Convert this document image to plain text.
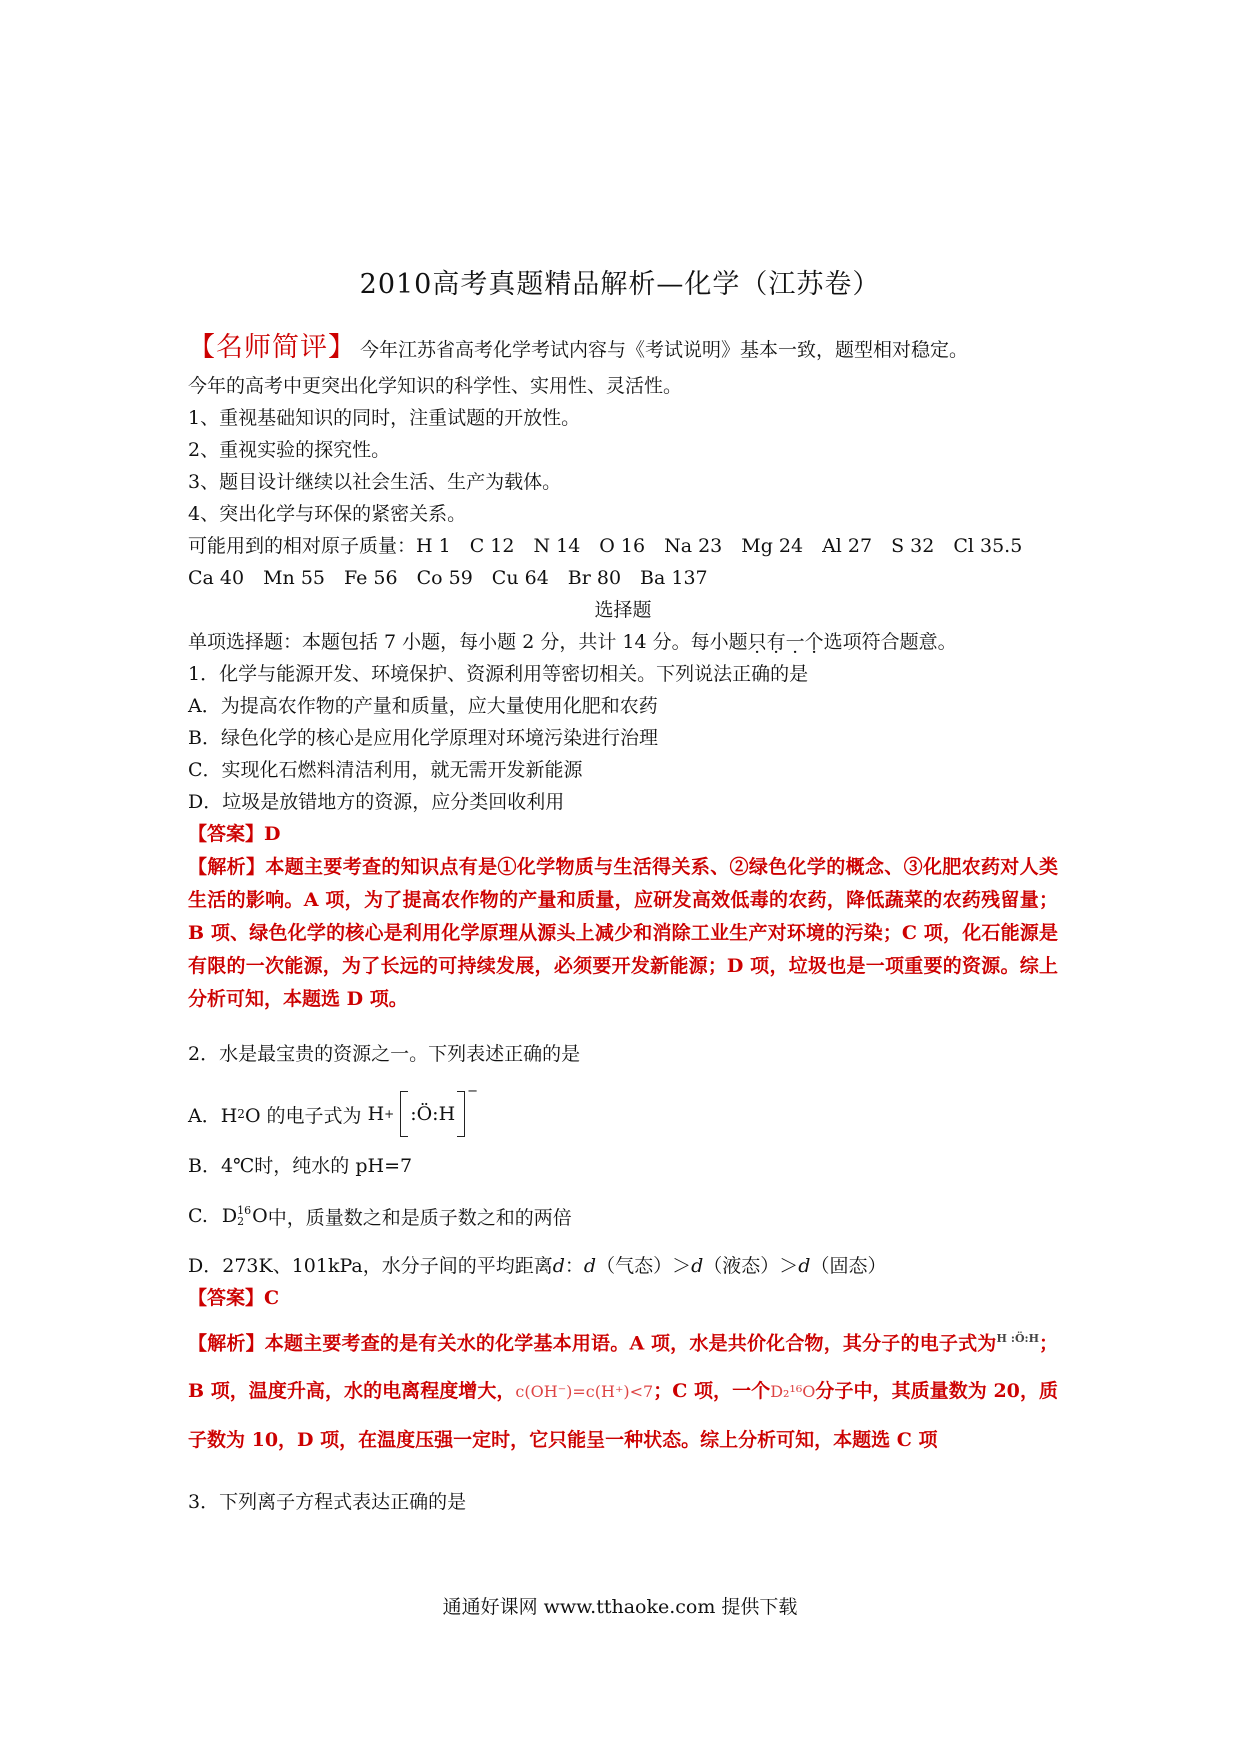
2010高考真题精品解析—化学（江苏卷）
【名师简评】 今年江苏省高考化学考试内容与《考试说明》基本一致，题型相对稳定。
今年的高考中更突出化学知识的科学性、实用性、灵活性。
1、重视基础知识的同时，注重试题的开放性。
2、重视实验的探究性。
3、题目设计继续以社会生活、生产为载体。
4、突出化学与环保的紧密关系。
可能用到的相对原子质量：H 1　C 12　N 14　O 16　Na 23　Mg 24　Al 27　S 32　Cl 35.5
Ca 40　Mn 55　Fe 56　Co 59　Cu 64　Br 80　Ba 137
选择题
单项选择题：本题包括 7 小题，每小题 2 分，共计 14 分。每小题只有一个选项符合题意。
1．化学与能源开发、环境保护、资源利用等密切相关。下列说法正确的是
A．为提高农作物的产量和质量，应大量使用化肥和农药
B．绿色化学的核心是应用化学原理对环境污染进行治理
C．实现化石燃料清洁利用，就无需开发新能源
D．垃圾是放错地方的资源，应分类回收利用
【答案】D
【解析】本题主要考查的知识点有是①化学物质与生活得关系、②绿色化学的概念、③化肥农药对人类生活的影响。A 项，为了提高农作物的产量和质量，应研发高效低毒的农药，降低蔬菜的农药残留量；B 项、绿色化学的核心是利用化学原理从源头上减少和消除工业生产对环境的污染；C 项，化石能源是有限的一次能源，为了长远的可持续发展，必须要开发新能源；D 项，垃圾也是一项重要的资源。综上分析可知，本题选 D 项。
2．水是最宝贵的资源之一。下列表述正确的是
A．H 2 O 的电子式为 H + :Ö:H
−
B．4℃时，纯水的 pH=7
C. D 16
2 O 中，质量数之和是质子数之和的两倍
D．273K、101kPa，水分子间的平均距离d：d（气态）＞d（液态）＞d（固态）
【答案】C
【解析】本题主要考查的是有关水的化学基本用语。A 项，水是共价化合物，其分子的电子式为$^{H :Ö:H}$；B 项，温度升高，水的电离程度增大，c(OH⁻)=c(H⁺)<7；C 项，一个D₂¹⁶O分子中，其质量数为 20，质子数为 10，D 项，在温度压强一定时，它只能呈一种状态。综上分析可知，本题选 C 项
3．下列离子方程式表达正确的是
通通好课网 www.tthaoke.com 提供下载
